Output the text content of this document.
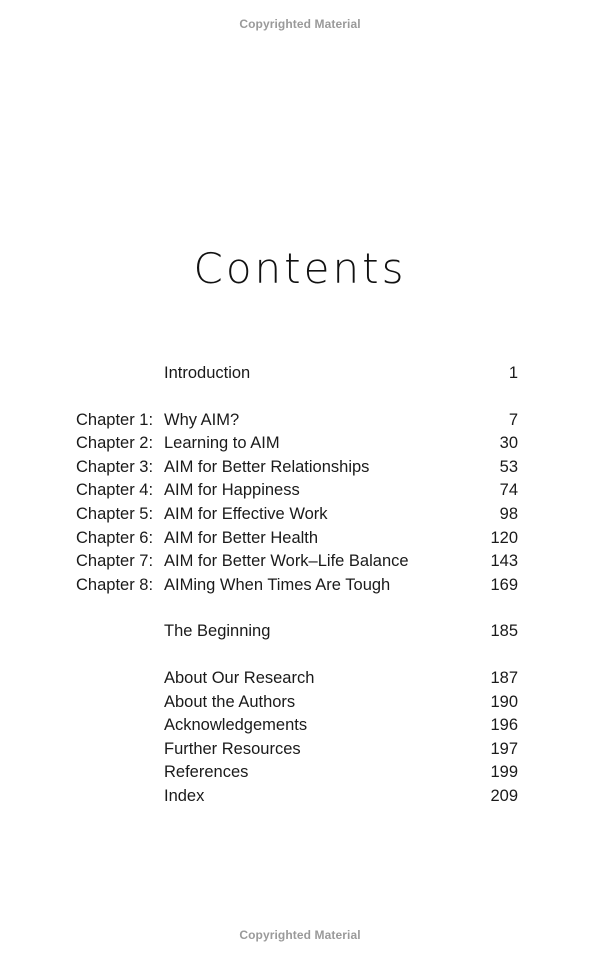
Copyrighted Material
Contents
Introduction	1
Chapter 1: Why AIM?	7
Chapter 2: Learning to AIM	30
Chapter 3: AIM for Better Relationships	53
Chapter 4: AIM for Happiness	74
Chapter 5: AIM for Effective Work	98
Chapter 6: AIM for Better Health	120
Chapter 7: AIM for Better Work–Life Balance	143
Chapter 8: AIMing When Times Are Tough	169
The Beginning	185
About Our Research	187
About the Authors	190
Acknowledgements	196
Further Resources	197
References	199
Index	209
Copyrighted Material
